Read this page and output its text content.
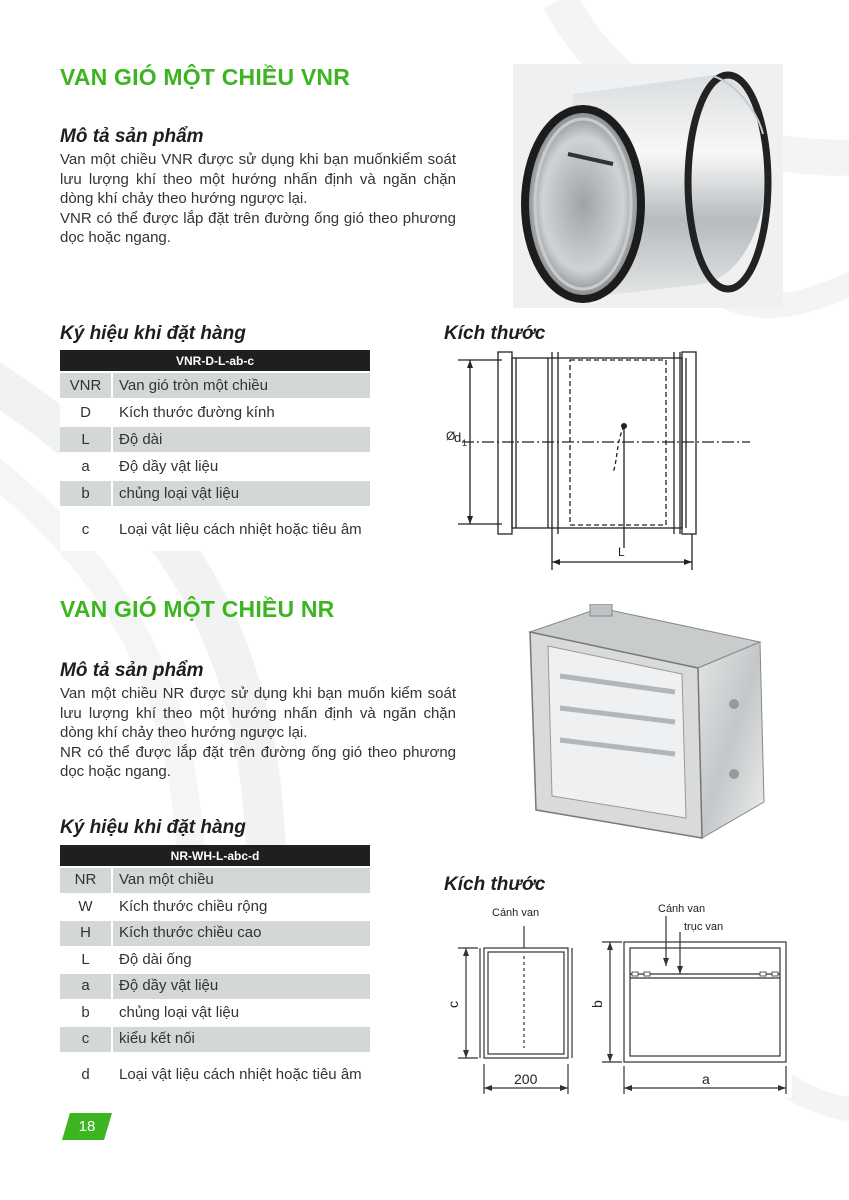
VAN GIÓ MỘT CHIỀU VNR
Mô tả sản phẩm

Van một chiều VNR được sử dụng khi bạn muốnkiểm soát lưu lượng khí theo một hướng nhấn định và ngăn chặn dòng khí chảy theo hướng ngược lại.

VNR có thể được lắp đặt trên đường ống gió theo phương dọc hoặc ngang.

Ký hiệu khi đặt hàng
VNR-D-L-ab-c	
VNR	Van gió tròn một chiều
D	Kích thước đường kính
L	Độ dài
a	Độ dầy vật liệu
b	chủng loại vật liệu
c	Loại vật liệu cách nhiệt hoặc tiêu âm
Kích thước
Ø
d 1
L
VAN GIÓ MỘT CHIỀU NR
Mô tả sản phẩm

Van một chiều NR được sử dụng khi bạn muốn kiểm soát lưu lượng khí theo một hướng nhấn định và ngăn chặn dòng khí chảy theo hướng ngược lại.

NR có thể được lắp đặt trên đường ống gió theo phương dọc hoặc ngang.

Ký hiệu khi đặt hàng
NR-WH-L-abc-d	
NR	Van một chiều
W	Kích thước chiều rộng
H	Kích thước chiều cao
L	Độ dài ống
a	Độ dầy vật liệu
b	chủng loại vật liệu
c	kiểu kết nối
d	Loại vật liệu cách nhiệt hoặc tiêu âm
Kích thước
Cánh van	Cánh van
trục van
c	b
200	a
18
